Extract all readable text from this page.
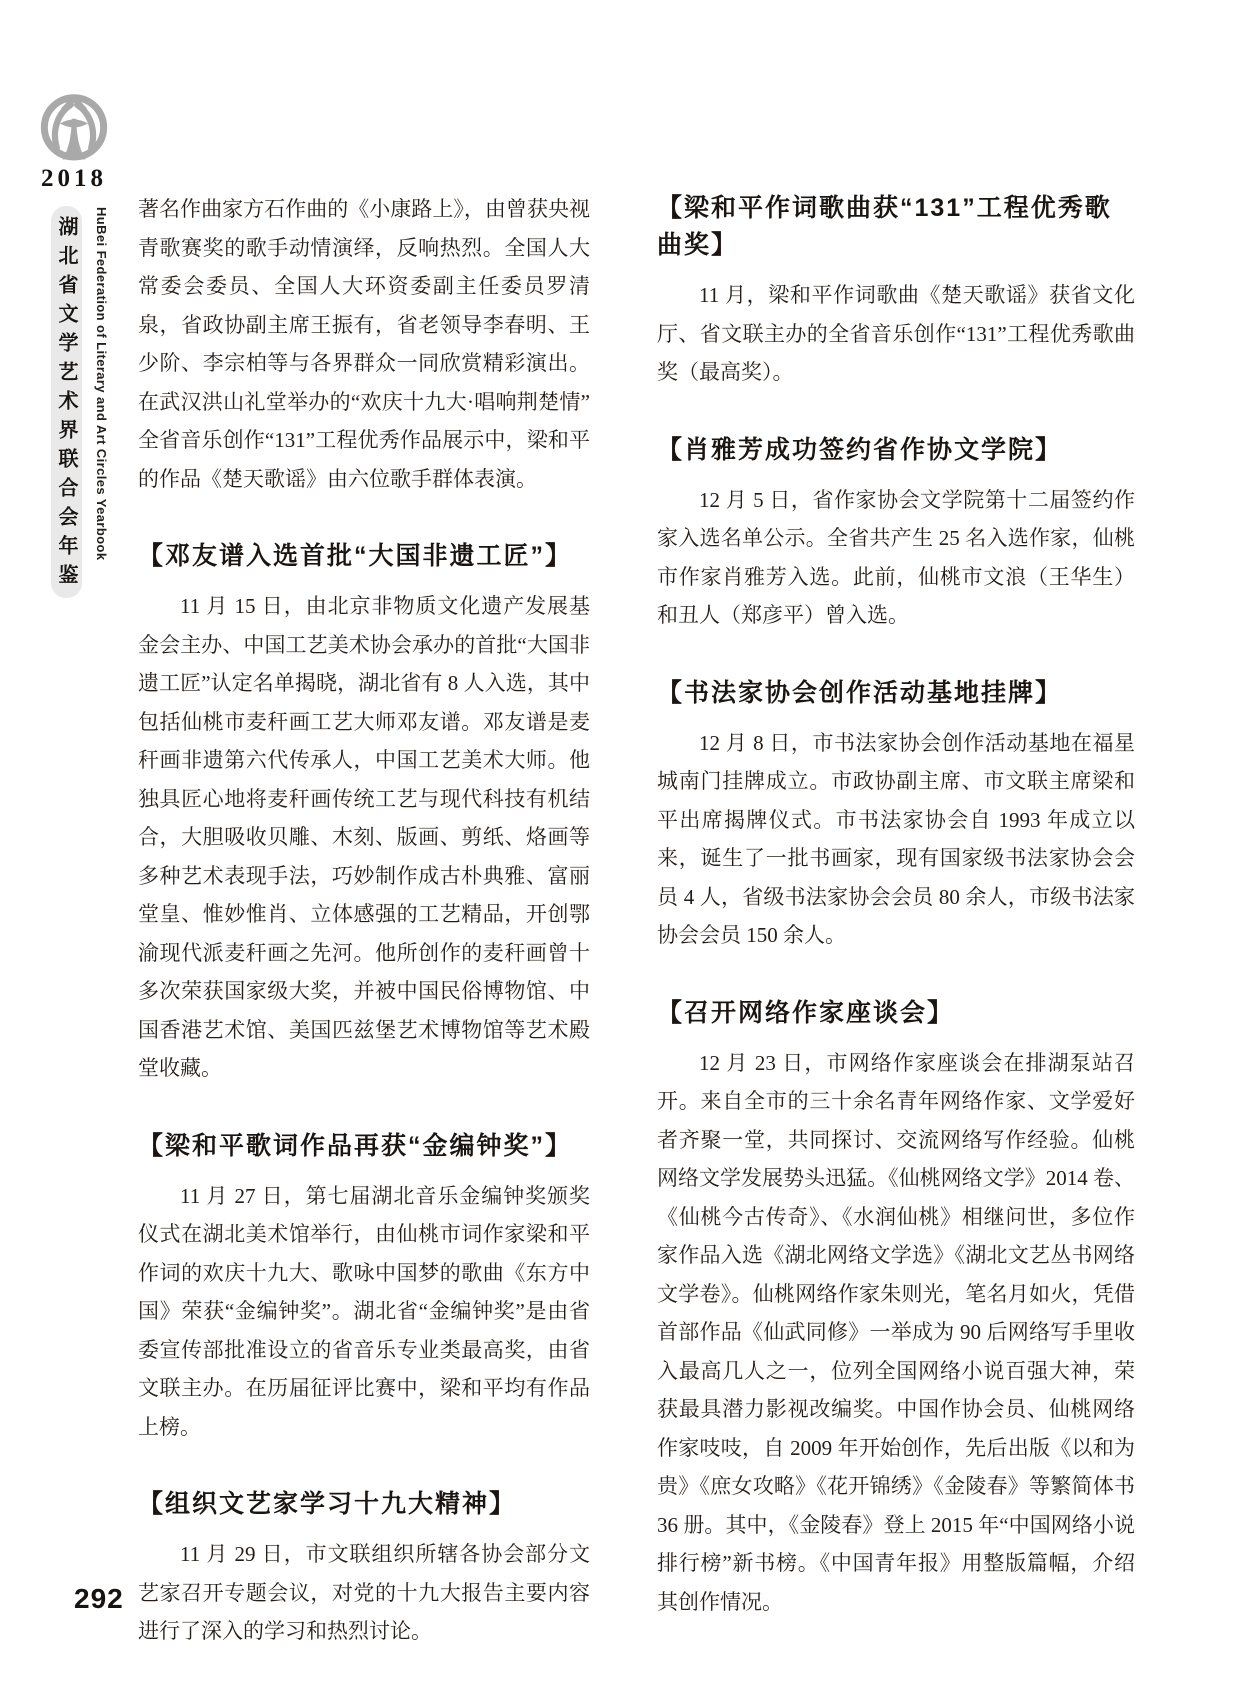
2018
湖北省文学艺术界联合会年鉴	HuBei Federation of Literary and Art Circles Yearbook 著名作曲家方石作曲的《小康路上》，由曾获央视青歌赛奖的歌手动情演绎，反响热烈。全国人大常委会委员、全国人大环资委副主任委员罗清泉，省政协副主席王振有，省老领导李春明、王少阶、李宗柏等与各界群众一同欣赏精彩演出。在武汉洪山礼堂举办的“欢庆十九大·唱响荆楚情”全省音乐创作“131”工程优秀作品展示中，梁和平的作品《楚天歌谣》由六位歌手群体表演。

【邓友谱入选首批“大国非遗工匠”】

11 月 15 日，由北京非物质文化遗产发展基金会主办、中国工艺美术协会承办的首批“大国非遗工匠”认定名单揭晓，湖北省有 8 人入选，其中包括仙桃市麦秆画工艺大师邓友谱。邓友谱是麦秆画非遗第六代传承人，中国工艺美术大师。他独具匠心地将麦秆画传统工艺与现代科技有机结合，大胆吸收贝雕、木刻、版画、剪纸、烙画等多种艺术表现手法，巧妙制作成古朴典雅、富丽堂皇、惟妙惟肖、立体感强的工艺精品，开创鄂渝现代派麦秆画之先河。他所创作的麦秆画曾十多次荣获国家级大奖，并被中国民俗博物馆、中国香港艺术馆、美国匹兹堡艺术博物馆等艺术殿堂收藏。

【梁和平歌词作品再获“金编钟奖”】

11 月 27 日，第七届湖北音乐金编钟奖颁奖仪式在湖北美术馆举行，由仙桃市词作家梁和平作词的欢庆十九大、歌咏中国梦的歌曲《东方中国》荣获“金编钟奖”。湖北省“金编钟奖”是由省委宣传部批准设立的省音乐专业类最高奖，由省文联主办。在历届征评比赛中，梁和平均有作品上榜。

【组织文艺家学习十九大精神】

11 月 29 日，市文联组织所辖各协会部分文艺家召开专题会议，对党的十九大报告主要内容进行了深入的学习和热烈讨论。

【梁和平作词歌曲获“131”工程优秀歌曲奖】

11 月，梁和平作词歌曲《楚天歌谣》获省文化厅、省文联主办的全省音乐创作“131”工程优秀歌曲奖（最高奖）。

【肖雅芳成功签约省作协文学院】

12 月 5 日，省作家协会文学院第十二届签约作家入选名单公示。全省共产生 25 名入选作家，仙桃市作家肖雅芳入选。此前，仙桃市文浪（王华生）和丑人（郑彦平）曾入选。

【书法家协会创作活动基地挂牌】

12 月 8 日，市书法家协会创作活动基地在福星城南门挂牌成立。市政协副主席、市文联主席梁和平出席揭牌仪式。市书法家协会自 1993 年成立以来，诞生了一批书画家，现有国家级书法家协会会员 4 人，省级书法家协会会员 80 余人，市级书法家协会会员 150 余人。

【召开网络作家座谈会】

12 月 23 日，市网络作家座谈会在排湖泵站召开。来自全市的三十余名青年网络作家、文学爱好者齐聚一堂，共同探讨、交流网络写作经验。仙桃网络文学发展势头迅猛。《仙桃网络文学》2014 卷、《仙桃今古传奇》、《水润仙桃》相继问世，多位作家作品入选《湖北网络文学选》《湖北文艺丛书网络文学卷》。仙桃网络作家朱则光，笔名月如火，凭借首部作品《仙武同修》一举成为 90 后网络写手里收入最高几人之一，位列全国网络小说百强大神，荣获最具潜力影视改编奖。中国作协会员、仙桃网络作家吱吱，自 2009 年开始创作，先后出版《以和为贵》《庶女攻略》《花开锦绣》《金陵春》等繁简体书 36 册。其中，《金陵春》登上 2015 年“中国网络小说排行榜”新书榜。《中国青年报》用整版篇幅，介绍其创作情况。

292
